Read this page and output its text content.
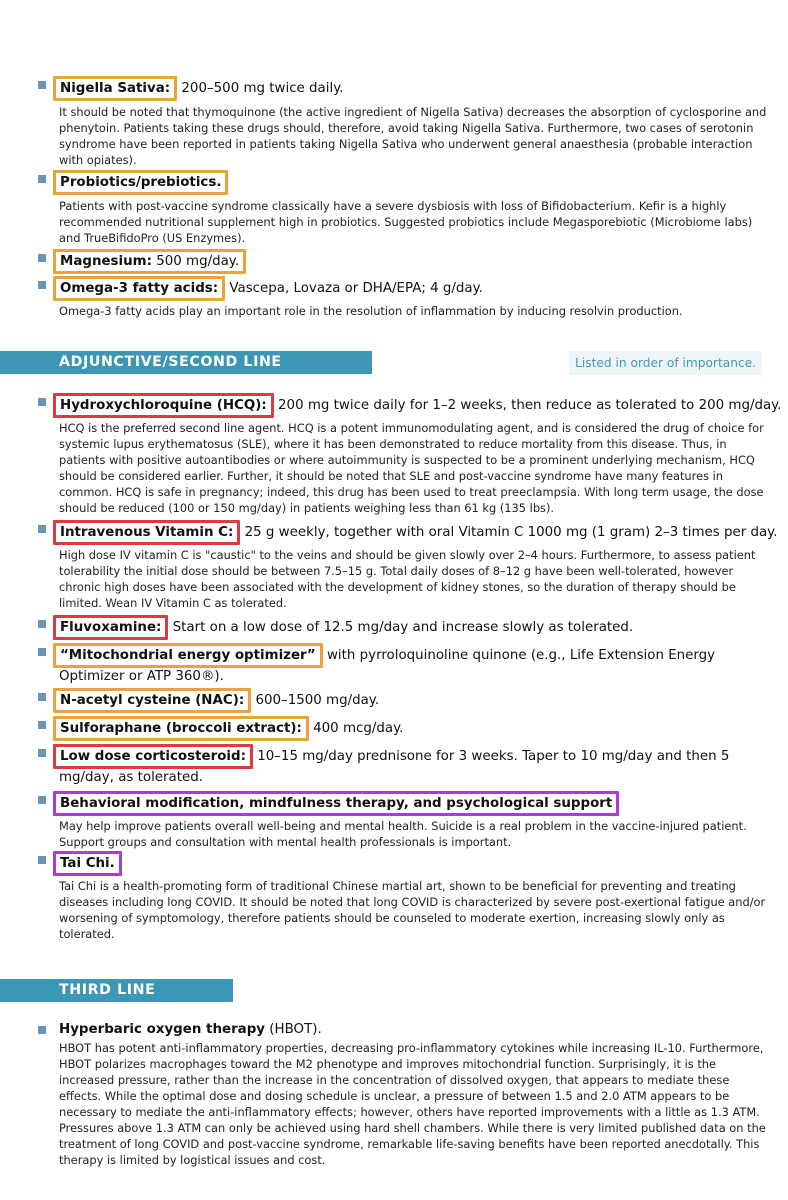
Nigella Sativa: 200–500 mg twice daily.
It should be noted that thymoquinone (the active ingredient of Nigella Sativa) decreases the absorption of cyclosporine and phenytoin. Patients taking these drugs should, therefore, avoid taking Nigella Sativa. Furthermore, two cases of serotonin syndrome have been reported in patients taking Nigella Sativa who underwent general anaesthesia (probable interaction with opiates).
Probiotics/prebiotics.
Patients with post-vaccine syndrome classically have a severe dysbiosis with loss of Bifidobacterium. Kefir is a highly recommended nutritional supplement high in probiotics. Suggested probiotics include Megasporebiotic (Microbiome labs) and TrueBifidoPro (US Enzymes).
Magnesium: 500 mg/day.
Omega-3 fatty acids: Vascepa, Lovaza or DHA/EPA; 4 g/day.
Omega-3 fatty acids play an important role in the resolution of inflammation by inducing resolvin production.
ADJUNCTIVE/SECOND LINE THERAPIES
Listed in order of importance.
Hydroxychloroquine (HCQ): 200 mg twice daily for 1–2 weeks, then reduce as tolerated to 200 mg/day.
HCQ is the preferred second line agent. HCQ is a potent immunomodulating agent, and is considered the drug of choice for systemic lupus erythematosus (SLE), where it has been demonstrated to reduce mortality from this disease. Thus, in patients with positive autoantibodies or where autoimmunity is suspected to be a prominent underlying mechanism, HCQ should be considered earlier. Further, it should be noted that SLE and post-vaccine syndrome have many features in common. HCQ is safe in pregnancy; indeed, this drug has been used to treat preeclampsia. With long term usage, the dose should be reduced (100 or 150 mg/day) in patients weighing less than 61 kg (135 lbs).
Intravenous Vitamin C: 25 g weekly, together with oral Vitamin C 1000 mg (1 gram) 2–3 times per day.
High dose IV vitamin C is "caustic" to the veins and should be given slowly over 2–4 hours. Furthermore, to assess patient tolerability the initial dose should be between 7.5–15 g. Total daily doses of 8–12 g have been well-tolerated, however chronic high doses have been associated with the development of kidney stones, so the duration of therapy should be limited. Wean IV Vitamin C as tolerated.
Fluvoxamine: Start on a low dose of 12.5 mg/day and increase slowly as tolerated.
“Mitochondrial energy optimizer” with pyrroloquinoline quinone (e.g., Life Extension Energy Optimizer or ATP 360®).
N-acetyl cysteine (NAC): 600–1500 mg/day.
Sulforaphane (broccoli extract): 400 mcg/day.
Low dose corticosteroid: 10–15 mg/day prednisone for 3 weeks. Taper to 10 mg/day and then 5 mg/day, as tolerated.
Behavioral modification, mindfulness therapy, and psychological support
May help improve patients overall well-being and mental health. Suicide is a real problem in the vaccine-injured patient. Support groups and consultation with mental health professionals is important.
Tai Chi.
Tai Chi is a health-promoting form of traditional Chinese martial art, shown to be beneficial for preventing and treating diseases including long COVID. It should be noted that long COVID is characterized by severe post-exertional fatigue and/or worsening of symptomology, therefore patients should be counseled to moderate exertion, increasing slowly only as tolerated.
THIRD LINE THERAPY
Hyperbaric oxygen therapy (HBOT).
HBOT has potent anti-inflammatory properties, decreasing pro-inflammatory cytokines while increasing IL-10. Furthermore, HBOT polarizes macrophages toward the M2 phenotype and improves mitochondrial function. Surprisingly, it is the increased pressure, rather than the increase in the concentration of dissolved oxygen, that appears to mediate these effects. While the optimal dose and dosing schedule is unclear, a pressure of between 1.5 and 2.0 ATM appears to be necessary to mediate the anti-inflammatory effects; however, others have reported improvements with a little as 1.3 ATM. Pressures above 1.3 ATM can only be achieved using hard shell chambers. While there is very limited published data on the treatment of long COVID and post-vaccine syndrome, remarkable life-saving benefits have been reported anecdotally. This therapy is limited by logistical issues and cost.
